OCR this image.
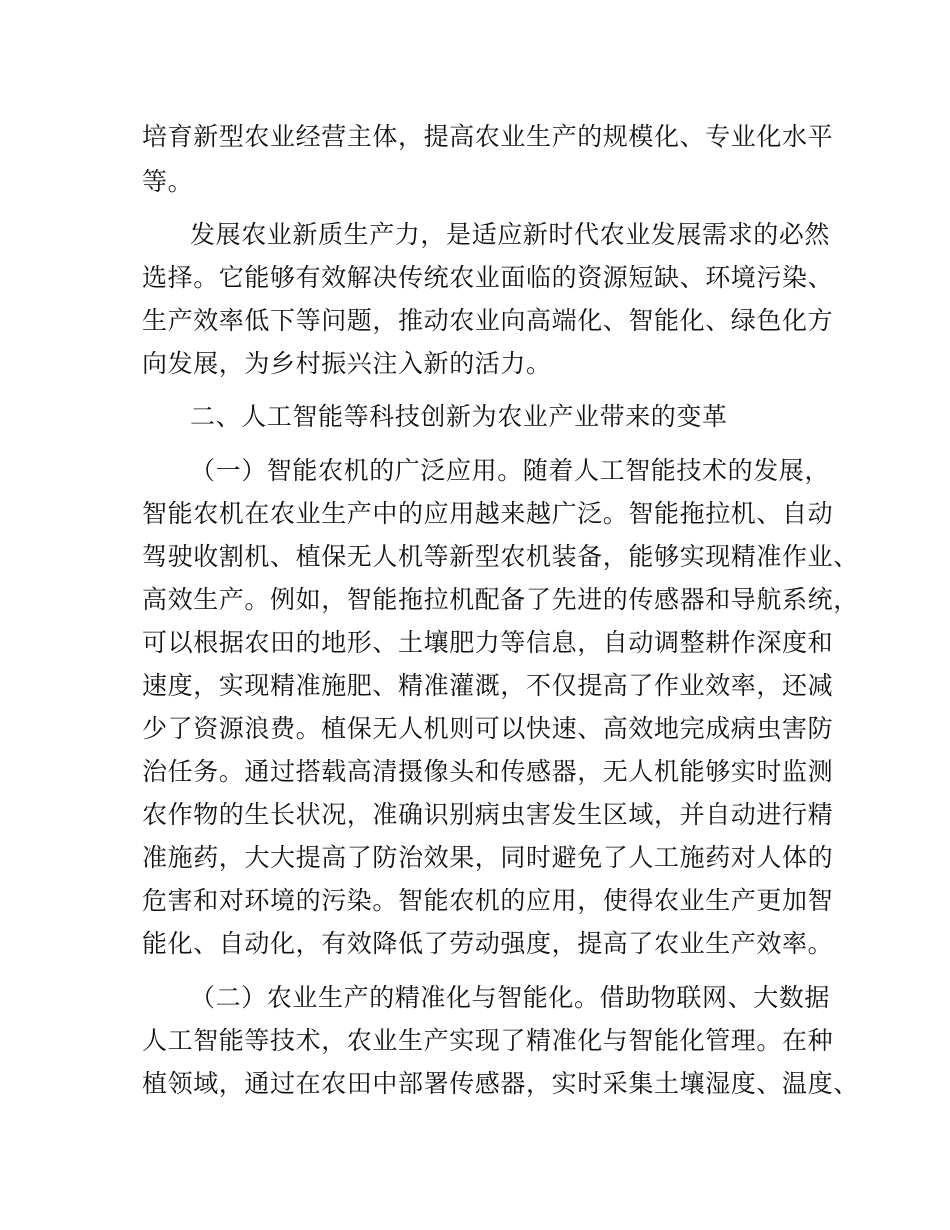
培育新型农业经营主体，提高农业生产的规模化、专业化水平
等。
发展农业新质生产力，是适应新时代农业发展需求的必然
选择。它能够有效解决传统农业面临的资源短缺、环境污染、
生产效率低下等问题，推动农业向高端化、智能化、绿色化方
向发展，为乡村振兴注入新的活力。
二、人工智能等科技创新为农业产业带来的变革
（一）智能农机的广泛应用。随着人工智能技术的发展，
智能农机在农业生产中的应用越来越广泛。智能拖拉机、自动
驾驶收割机、植保无人机等新型农机装备，能够实现精准作业、
高效生产。例如，智能拖拉机配备了先进的传感器和导航系统，
可以根据农田的地形、土壤肥力等信息，自动调整耕作深度和
速度，实现精准施肥、精准灌溉，不仅提高了作业效率，还减
少了资源浪费。植保无人机则可以快速、高效地完成病虫害防
治任务。通过搭载高清摄像头和传感器，无人机能够实时监测
农作物的生长状况，准确识别病虫害发生区域，并自动进行精
准施药，大大提高了防治效果，同时避免了人工施药对人体的
危害和对环境的污染。智能农机的应用，使得农业生产更加智
能化、自动化，有效降低了劳动强度，提高了农业生产效率。
（二）农业生产的精准化与智能化。借助物联网、大数据
人工智能等技术，农业生产实现了精准化与智能化管理。在种
植领域，通过在农田中部署传感器，实时采集土壤湿度、温度、
